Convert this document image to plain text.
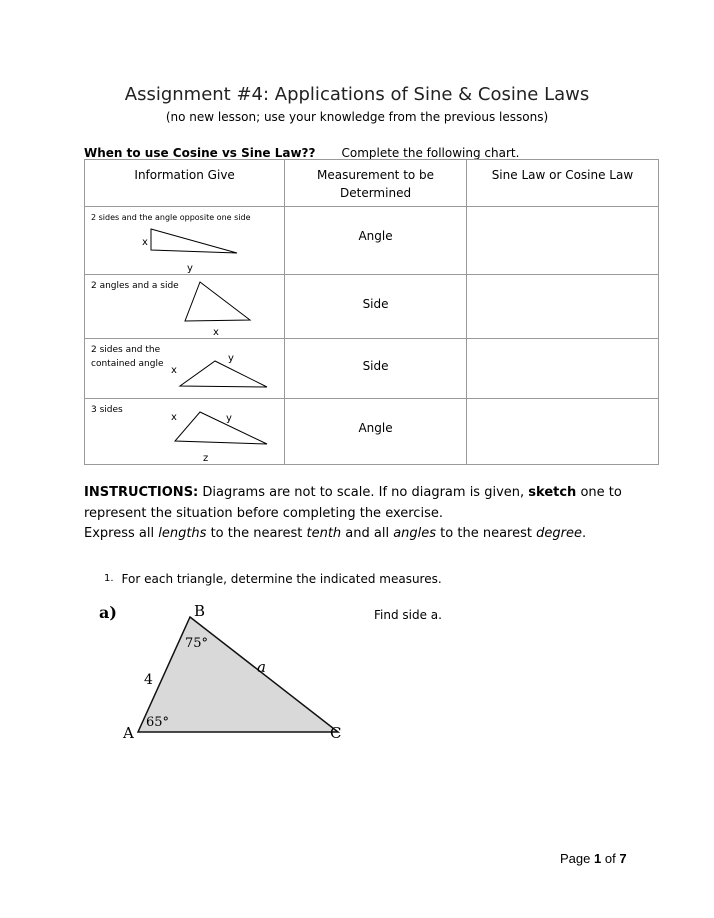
Assignment #4: Applications of Sine & Cosine Laws
(no new lesson; use your knowledge from the previous lessons)
When to use Cosine vs Sine Law?? Complete the following chart.
Information Give	Measurement to be Determined	Sine Law or Cosine Law

2 sides and the angle opposite one side
x
y	Angle	

2 angles and a side
x	Side	

2 sides and the contained angle
x
y	Side	

3 sides
x y
z	Angle	

INSTRUCTIONS: Diagrams are not to scale. If no diagram is given, sketch one to represent the situation before completing the exercise.
Express all lengths to the nearest tenth and all angles to the nearest degree.
1. For each triangle, determine the indicated measures.
a)	Find side a.
B
A	C
75°
65°
4
a
Page 1 of 7
